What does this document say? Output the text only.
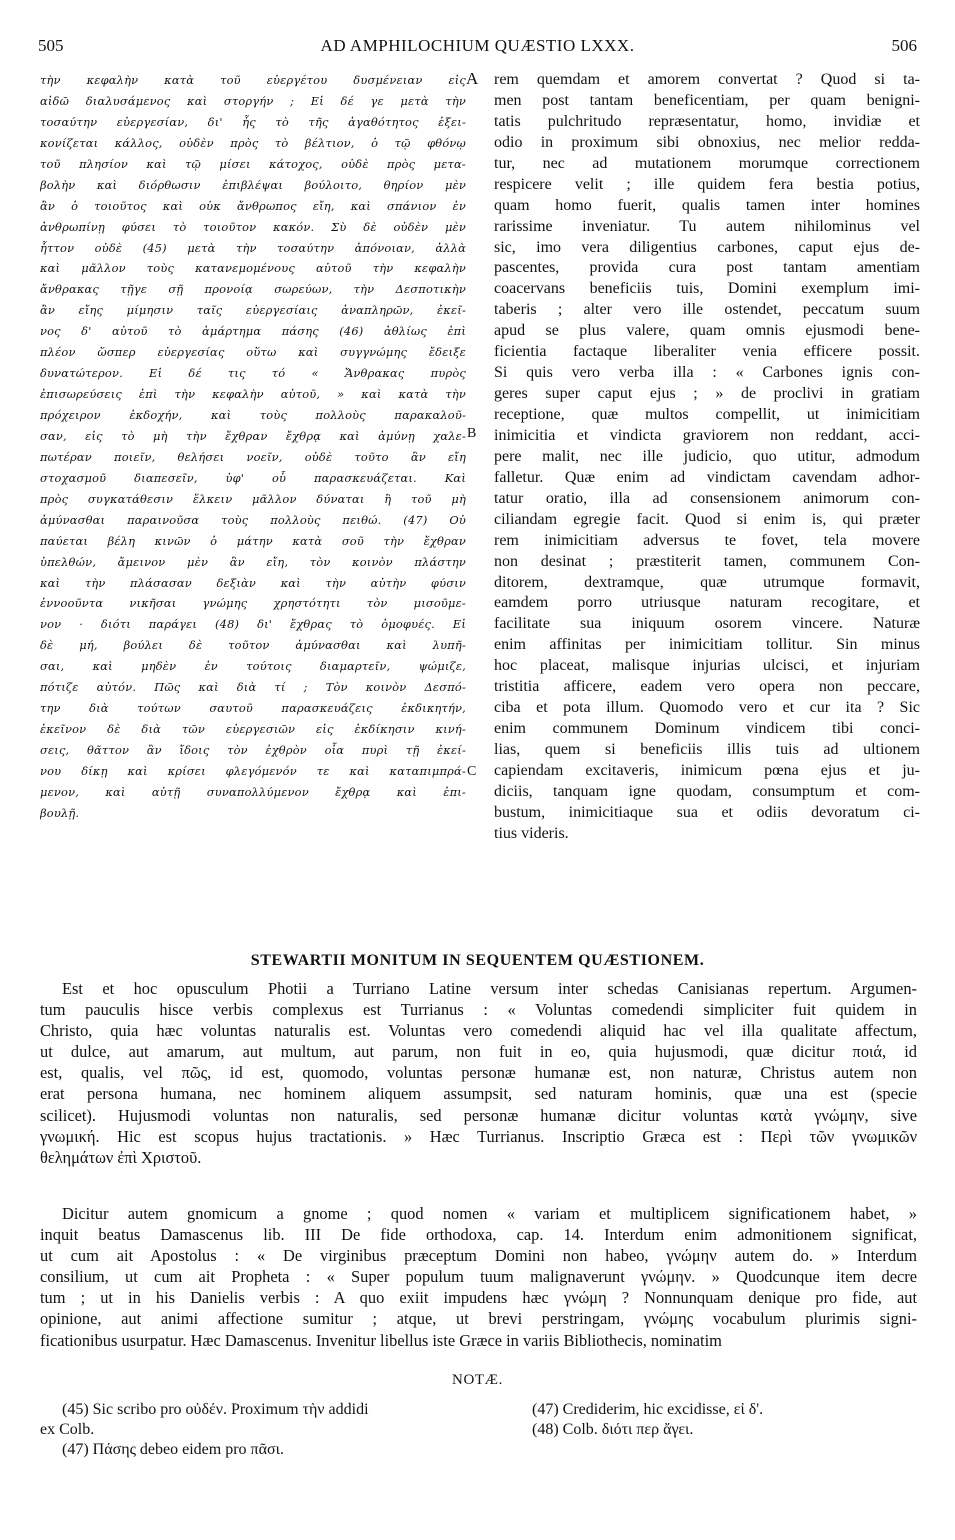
505	AD AMPHILOCHIUM QUÆSTIO LXXX.	506
A
B
C
τὴν κεφαλὴν κατὰ τοῦ εὐεργέτου δυσμένειαν εἰς
αἰδῶ διαλυσάμενος καὶ στοργήν ; Εἰ δέ γε μετὰ τὴν
τοσαύτην εὐεργεσίαν, δι' ἧς τὸ τῆς ἀγαθότητος ἐξει-
κονίζεται κάλλος, οὐδὲν πρὸς τὸ βέλτιον, ὁ τῷ φθόνῳ
τοῦ πλησίον καὶ τῷ μίσει κάτοχος, οὐδὲ πρὸς μετα-
βολὴν καὶ διόρθωσιν ἐπιβλέψαι βούλοιτο, θηρίον μὲν
ἂν ὁ τοιοῦτος καὶ οὐκ ἄνθρωπος εἴη, καὶ σπάνιον ἐν
ἀνθρωπίνῃ φύσει τὸ τοιοῦτον κακόν. Σὺ δὲ οὐδὲν μὲν
ἧττον οὐδὲ (45) μετὰ τὴν τοσαύτην ἀπόνοιαν, ἀλλὰ
καὶ μᾶλλον τοὺς κατανεμομένους αὐτοῦ τὴν κεφαλὴν
ἄνθρακας τῇγε σῇ προνοίᾳ σωρεύων, τὴν Δεσποτικὴν
ἂν εἴης μίμησιν ταῖς εὐεργεσίαις ἀναπληρῶν, ἐκεῖ-
νος δ' αὐτοῦ τὸ ἁμάρτημα πάσης (46) ἀθλίως ἐπὶ
πλέον ὥσπερ εὐεργεσίας οὕτω καὶ συγγνώμης ἔδειξε
δυνατώτερον. Εἰ δέ τις τό « Ἄνθρακας πυρὸς
ἐπισωρεύσεις ἐπὶ τὴν κεφαλὴν αὐτοῦ, » καὶ κατὰ τὴν
πρόχειρον ἐκδοχήν, καὶ τοὺς πολλοὺς παρακαλοῦ-
σαν, εἰς τὸ μὴ τὴν ἔχθραν ἔχθρᾳ καὶ ἀμύνῃ χαλε-
πωτέραν ποιεῖν, θελήσει νοεῖν, οὐδὲ τοῦτο ἂν εἴη
στοχασμοῦ διαπεσεῖν, ὑφ' οὗ παρασκευάζεται. Καὶ
πρὸς συγκατάθεσιν ἕλκειν μᾶλλον δύναται ἢ τοῦ μὴ
ἀμύνασθαι παραινοῦσα τοὺς πολλοὺς πειθώ. (47) Οὐ
παύεται βέλη κινῶν ὁ μάτην κατὰ σοῦ τὴν ἔχθραν
ὑπελθών, ἄμεινον μὲν ἂν εἴη, τὸν κοινὸν πλάστην
καὶ τὴν πλάσασαν δεξιὰν καὶ τὴν αὐτὴν φύσιν
ἐννοοῦντα νικῆσαι γνώμης χρηστότητι τὸν μισοῦμε-
νον · διότι παράγει (48) δι' ἔχθρας τὸ ὁμοφυές. Εἰ
δὲ μή, βούλει δὲ τοῦτον ἀμύνασθαι καὶ λυπῆ-
σαι, καὶ μηδὲν ἐν τούτοις διαμαρτεῖν, ψώμιζε,
πότιζε αὐτόν. Πῶς καὶ διὰ τί ; Τὸν κοινὸν Δεσπό-
την διὰ τούτων σαυτοῦ παρασκευάζεις ἐκδικητήν,
ἐκεῖνον δὲ διὰ τῶν εὐεργεσιῶν εἰς ἐκδίκησιν κινή-
σεις, θᾶττον ἂν ἴδοις τὸν ἐχθρὸν οἷα πυρὶ τῇ ἐκεί-
νου δίκῃ καὶ κρίσει φλεγόμενόν τε καὶ καταπιμπρά-
μενον, καὶ αὐτῇ συναπολλύμενον ἔχθρᾳ καὶ ἐπι-
βουλῇ.
rem quemdam et amorem convertat ? Quod si ta-
men post tantam beneficentiam, per quam benigni-
tatis pulchritudo repræsentatur, homo, invidiæ et
odio in proximum sibi obnoxius, nec melior redda-
tur, nec ad mutationem morumque correctionem
respicere velit ; ille quidem fera bestia potius,
quam homo fuerit, qualis tamen inter homines
rarissime inveniatur. Tu autem nihilominus vel
sic, imo vera diligentius carbones, caput ejus de-
pascentes, provida cura post tantam amentiam
coacervans beneficiis tuis, Domini exemplum imi-
taberis ; alter vero ille ostendet, peccatum suum
apud se plus valere, quam omnis ejusmodi bene-
ficientia factaque liberaliter venia efficere possit.
Si quis vero verba illa : « Carbones ignis con-
geres super caput ejus ; » de proclivi in gratiam
receptione, quæ multos compellit, ut inimicitiam
inimicitia et vindicta graviorem non reddant, acci-
pere malit, nec ille judicio, quo utitur, admodum
falletur. Quæ enim ad vindictam cavendam adhor-
tatur oratio, illa ad consensionem animorum con-
ciliandam egregie facit. Quod si enim is, qui præter
rem inimicitiam adversus te fovet, tela movere
non desinat ; præstiterit tamen, communem Con-
ditorem, dextramque, quæ utrumque formavit,
eamdem porro utriusque naturam recogitare, et
facilitate sua iniquum osorem vincere. Naturæ
enim affinitas per inimicitiam tollitur. Sin minus
hoc placeat, malisque injurias ulcisci, et injuriam
tristitia afficere, eadem vero opera non peccare,
ciba et pota illum. Quomodo vero et cur ita ? Sic
enim communem Dominum vindicem tibi conci-
lias, quem si beneficiis illis tuis ad ultionem
capiendam excitaveris, inimicum pœna ejus et ju-
diciis, tanquam igne quodam, consumptum et com-
bustum, inimicitiaque sua et odiis devoratum ci-
tius videris.
STEWARTII MONITUM IN SEQUENTEM QUÆSTIONEM.
Est et hoc opusculum Photii a Turriano Latine versum inter schedas Canisianas repertum. Argumen-
tum pauculis hisce verbis complexus est Turrianus : « Voluntas comedendi simpliciter fuit quidem in
Christo, quia hæc voluntas naturalis est. Voluntas vero comedendi aliquid hac vel illa qualitate affectum,
ut dulce, aut amarum, aut multum, aut parum, non fuit in eo, quia hujusmodi, quæ dicitur ποιά, id
est, qualis, vel πῶς, id est, quomodo, voluntas personæ humanæ est, non naturæ, Christus autem non
erat persona humana, nec hominem aliquem assumpsit, sed naturam hominis, quæ una est (specie
scilicet). Hujusmodi voluntas non naturalis, sed personæ humanæ dicitur voluntas κατὰ γνώμην, sive
γνωμική. Hic est scopus hujus tractationis. » Hæc Turrianus. Inscriptio Græca est : Περὶ τῶν γνωμικῶν
θελημάτων ἐπὶ Χριστοῦ.
Dicitur autem gnomicum a gnome ; quod nomen « variam et multiplicem significationem habet, »
inquit beatus Damascenus lib. III De fide orthodoxa, cap. 14. Interdum enim admonitionem significat,
ut cum ait Apostolus : « De virginibus præceptum Domini non habeo, γνώμην autem do. » Interdum
consilium, ut cum ait Propheta : « Super populum tuum malignaverunt γνώμην. » Quodcunque item decre
tum ; ut in his Danielis verbis : A quo exiit impudens hæc γνώμη ? Nonnunquam denique pro fide, aut
opinione, aut animi affectione sumitur ; atque, ut brevi perstringam, γνώμης vocabulum plurimis signi-
ficationibus usurpatur. Hæc Damascenus. Invenitur libellus iste Græce in variis Bibliothecis, nominatim
NOTÆ.
(45) Sic scribo pro οὐδέν. Proximum τὴν addidi
ex Colb.
(47) Πάσης debeo eidem pro πᾶσι.
(47) Crediderim, hic excidisse, εἰ δ'.
(48) Colb. διότι περ ἄγει.
